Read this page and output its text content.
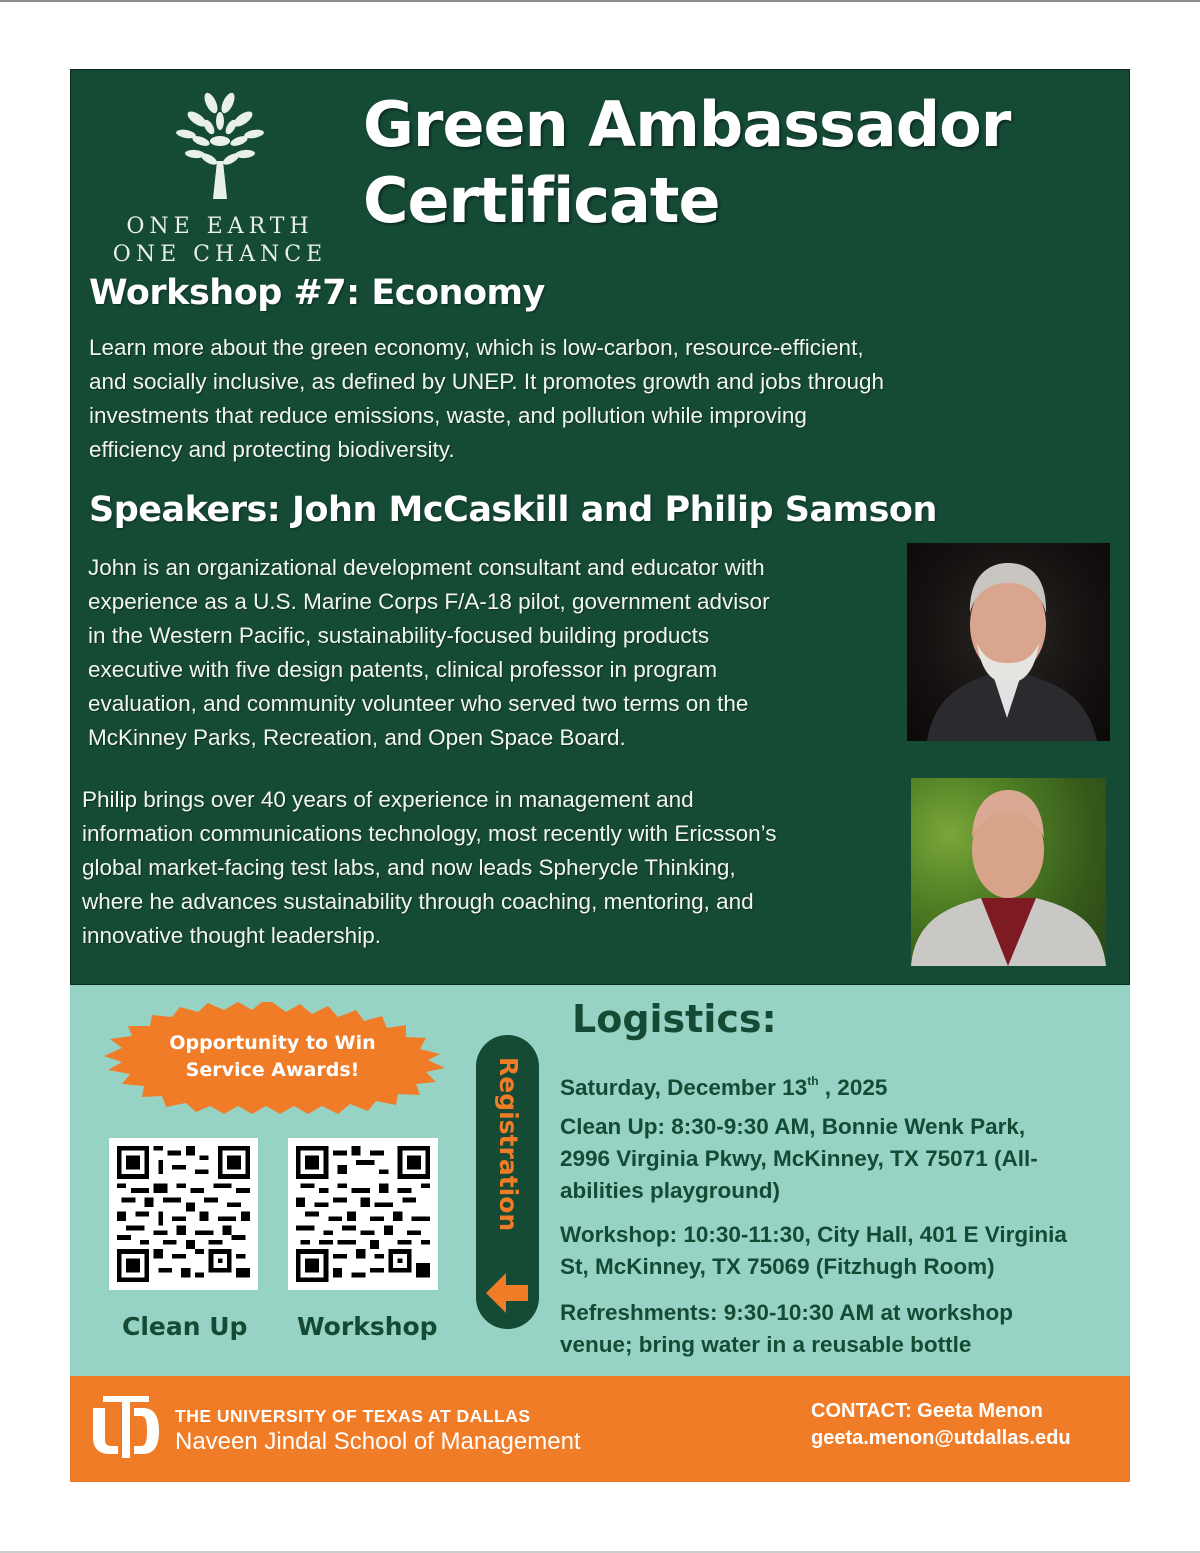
ONE EARTH
ONE CHANCE
Green Ambassador
Certificate
Workshop #7: Economy
Learn more about the green economy, which is low-carbon, resource-efficient,
and socially inclusive, as defined by UNEP. It promotes growth and jobs through
investments that reduce emissions, waste, and pollution while improving
efficiency and protecting biodiversity.
Speakers: John McCaskill and Philip Samson
John is an organizational development consultant and educator with
experience as a U.S. Marine Corps F/A-18 pilot, government advisor
in the Western Pacific, sustainability-focused building products
executive with five design patents, clinical professor in program
evaluation, and community volunteer who served two terms on the
McKinney Parks, Recreation, and Open Space Board.
Philip brings over 40 years of experience in management and
information communications technology, most recently with Ericsson’s
global market-facing test labs, and now leads Spherycle Thinking,
where he advances sustainability through coaching, mentoring, and
innovative thought leadership.
Opportunity to Win
Service Awards!
Clean Up Workshop
Registration
Logistics:
Saturday, December 13th , 2025
Clean Up: 8:30-9:30 AM, Bonnie Wenk Park,
2996 Virginia Pkwy, McKinney, TX 75071 (All-
abilities playground)
Workshop: 10:30-11:30, City Hall, 401 E Virginia
St, McKinney, TX 75069 (Fitzhugh Room)
Refreshments: 9:30-10:30 AM at workshop
venue; bring water in a reusable bottle
THE UNIVERSITY OF TEXAS AT DALLAS
Naveen Jindal School of Management
CONTACT: Geeta Menon
geeta.menon@utdallas.edu
